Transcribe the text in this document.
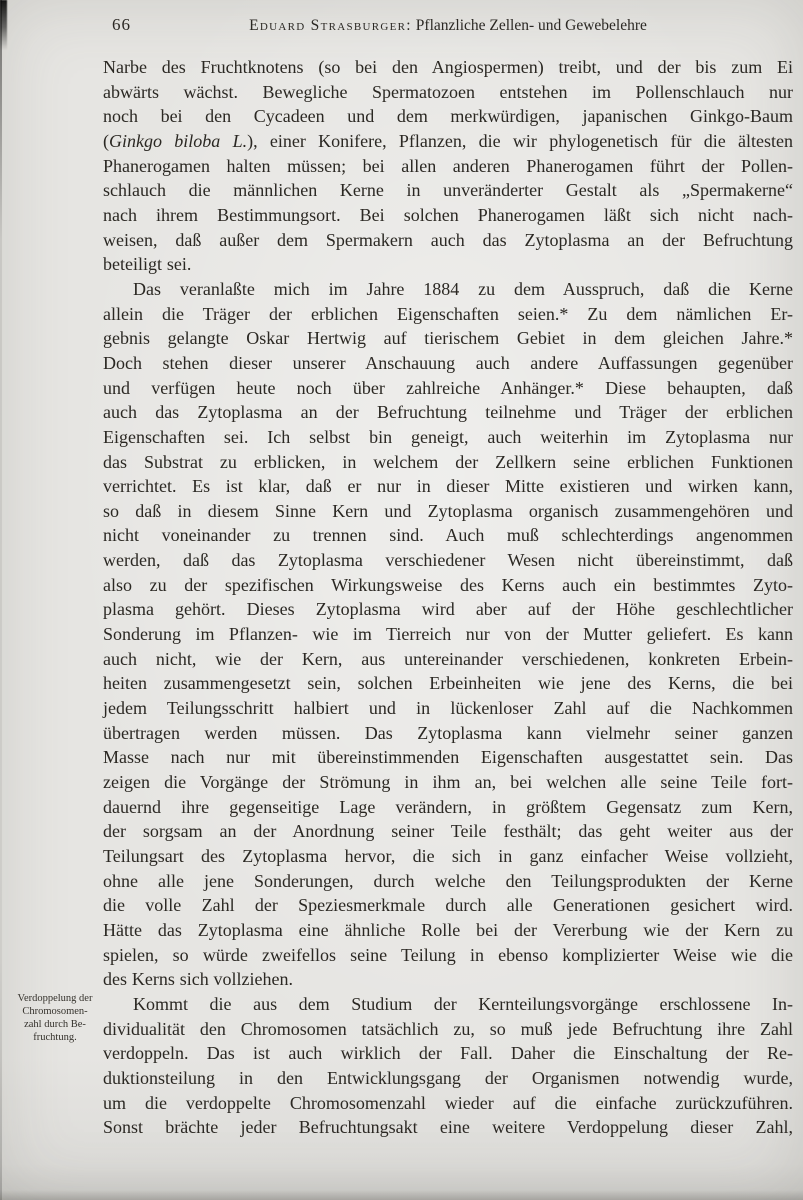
66	Eduard Strasburger: Pflanzliche Zellen- und Gewebelehre
Verdoppelung der
Chromosomen-
zahl durch Be-
fruchtung.
Narbe des Fruchtknotens (so bei den Angiospermen) treibt, und der bis zum Ei
abwärts wächst. Bewegliche Spermatozoen entstehen im Pollenschlauch nur
noch bei den Cycadeen und dem merkwürdigen, japanischen Ginkgo-Baum
(Ginkgo biloba L.), einer Konifere, Pflanzen, die wir phylogenetisch für die ältesten
Phanerogamen halten müssen; bei allen anderen Phanerogamen führt der Pollen-
schlauch die männlichen Kerne in unveränderter Gestalt als „Spermakerne“
nach ihrem Bestimmungsort. Bei solchen Phanerogamen läßt sich nicht nach-
weisen, daß außer dem Spermakern auch das Zytoplasma an der Befruchtung
beteiligt sei.
Das veranlaßte mich im Jahre 1884 zu dem Ausspruch, daß die Kerne
allein die Träger der erblichen Eigenschaften seien.* Zu dem nämlichen Er-
gebnis gelangte Oskar Hertwig auf tierischem Gebiet in dem gleichen Jahre.*
Doch stehen dieser unserer Anschauung auch andere Auffassungen gegenüber
und verfügen heute noch über zahlreiche Anhänger.* Diese behaupten, daß
auch das Zytoplasma an der Befruchtung teilnehme und Träger der erblichen
Eigenschaften sei. Ich selbst bin geneigt, auch weiterhin im Zytoplasma nur
das Substrat zu erblicken, in welchem der Zellkern seine erblichen Funktionen
verrichtet. Es ist klar, daß er nur in dieser Mitte existieren und wirken kann,
so daß in diesem Sinne Kern und Zytoplasma organisch zusammengehören und
nicht voneinander zu trennen sind. Auch muß schlechterdings angenommen
werden, daß das Zytoplasma verschiedener Wesen nicht übereinstimmt, daß
also zu der spezifischen Wirkungsweise des Kerns auch ein bestimmtes Zyto-
plasma gehört. Dieses Zytoplasma wird aber auf der Höhe geschlechtlicher
Sonderung im Pflanzen- wie im Tierreich nur von der Mutter geliefert. Es kann
auch nicht, wie der Kern, aus untereinander verschiedenen, konkreten Erbein-
heiten zusammengesetzt sein, solchen Erbeinheiten wie jene des Kerns, die bei
jedem Teilungsschritt halbiert und in lückenloser Zahl auf die Nachkommen
übertragen werden müssen. Das Zytoplasma kann vielmehr seiner ganzen
Masse nach nur mit übereinstimmenden Eigenschaften ausgestattet sein. Das
zeigen die Vorgänge der Strömung in ihm an, bei welchen alle seine Teile fort-
dauernd ihre gegenseitige Lage verändern, in größtem Gegensatz zum Kern,
der sorgsam an der Anordnung seiner Teile festhält; das geht weiter aus der
Teilungsart des Zytoplasma hervor, die sich in ganz einfacher Weise vollzieht,
ohne alle jene Sonderungen, durch welche den Teilungsprodukten der Kerne
die volle Zahl der Speziesmerkmale durch alle Generationen gesichert wird.
Hätte das Zytoplasma eine ähnliche Rolle bei der Vererbung wie der Kern zu
spielen, so würde zweifellos seine Teilung in ebenso komplizierter Weise wie die
des Kerns sich vollziehen.
Kommt die aus dem Studium der Kernteilungsvorgänge erschlossene In-
dividualität den Chromosomen tatsächlich zu, so muß jede Befruchtung ihre Zahl
verdoppeln. Das ist auch wirklich der Fall. Daher die Einschaltung der Re-
duktionsteilung in den Entwicklungsgang der Organismen notwendig wurde,
um die verdoppelte Chromosomenzahl wieder auf die einfache zurückzuführen.
Sonst brächte jeder Befruchtungsakt eine weitere Verdoppelung dieser Zahl,
